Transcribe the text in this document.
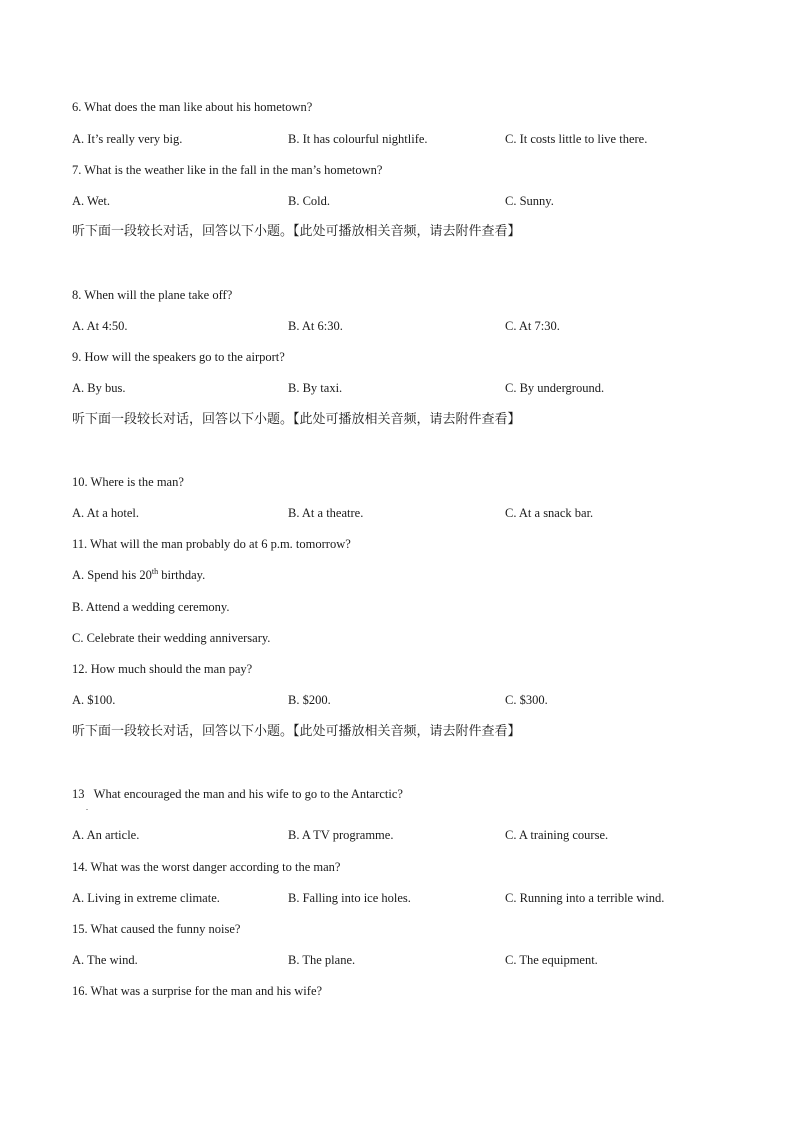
6. What does the man like about his hometown?
A. It’s really very big.	B. It has colourful nightlife.	C. It costs little to live there.
7. What is the weather like in the fall in the man’s hometown?
A. Wet.	B. Cold.	C. Sunny.
听下面一段较长对话，回答以下小题。【此处可播放相关音频，请去附件查看】
8. When will the plane take off?
A. At 4:50.	B. At 6:30.	C. At 7:30.
9. How will the speakers go to the airport?
A. By bus.	B. By taxi.	C. By underground.
听下面一段较长对话，回答以下小题。【此处可播放相关音频，请去附件查看】
10. Where is the man?
A. At a hotel.	B. At a theatre.	C. At a snack bar.
11. What will the man probably do at 6 p.m. tomorrow?
A. Spend his 20th birthday.
B. Attend a wedding ceremony.
C. Celebrate their wedding anniversary.
12. How much should the man pay?
A. $100.	B. $200.	C. $300.
听下面一段较长对话，回答以下小题。【此处可播放相关音频，请去附件查看】
13   What encouraged the man and his wife to go to the Antarctic?
.
A. An article.	B. A TV programme.	C. A training course.
14. What was the worst danger according to the man?
A. Living in extreme climate.	B. Falling into ice holes.	C. Running into a terrible wind.
15. What caused the funny noise?
A. The wind.	B. The plane.	C. The equipment.
16. What was a surprise for the man and his wife?
